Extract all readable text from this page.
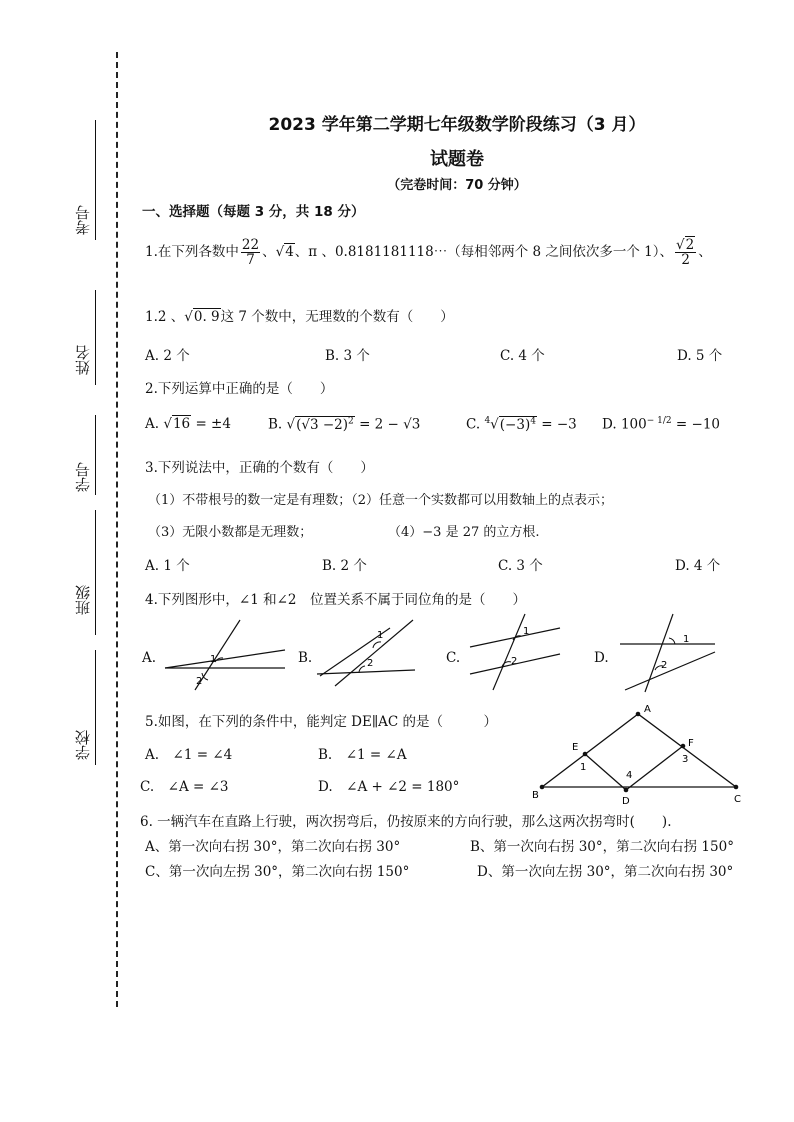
考号
姓名
学号
班级
学校
2023 学年第二学期七年级数学阶段练习（3 月）
试题卷
（完卷时间：70 分钟）
一、选择题（每题 3 分，共 18 分）
1.在下列各数中 $\frac{22}{7}$ 、√4、π 、0.8181181118⋯（每相邻两个 8 之间依次多一个 1）、 $\frac{√2}{2}$ 、
1.2̇ 、√0. 9这 7 个数中，无理数的个数有（　　）
A. 2 个	B. 3 个	C. 4 个	D. 5 个
2.下列运算中正确的是（　　）
A. √16 = ±4	B. $√(√3 -2)^2 = 2 - √3$	C. $^4√(-3)^4 = -3$ D. $100^{- 1/2} = -10$
3.下列说法中，正确的个数有（　　）
（1）不带根号的数一定是有理数；（2）任意一个实数都可以用数轴上的点表示；
（3）无限小数都是无理数；	（4）−3 是 27 的立方根.
A. 1 个	B. 2 个	C. 3 个	D. 4 个
4.下列图形中，∠1 和∠2　位置关系不属于同位角的是（　　）
A.	1
2
B.
1
2	C.
1
2	D.
1
2
5.如图，在下列的条件中，能判定 DE∥AC 的是（　　　）
A.　∠1 = ∠4	B.　∠1 = ∠A
C.　∠A = ∠3	D.　∠A + ∠2 = 180°
A
B	C
D
E	F
1
4
3
6. 一辆汽车在直路上行驶，两次拐弯后，仍按原来的方向行驶，那么这两次拐弯时(　　).
A、第一次向右拐 30°，第二次向右拐 30°	B、第一次向右拐 30°，第二次向右拐 150°
C、第一次向左拐 30°，第二次向右拐 150°	D、第一次向左拐 30°，第二次向右拐 30°
